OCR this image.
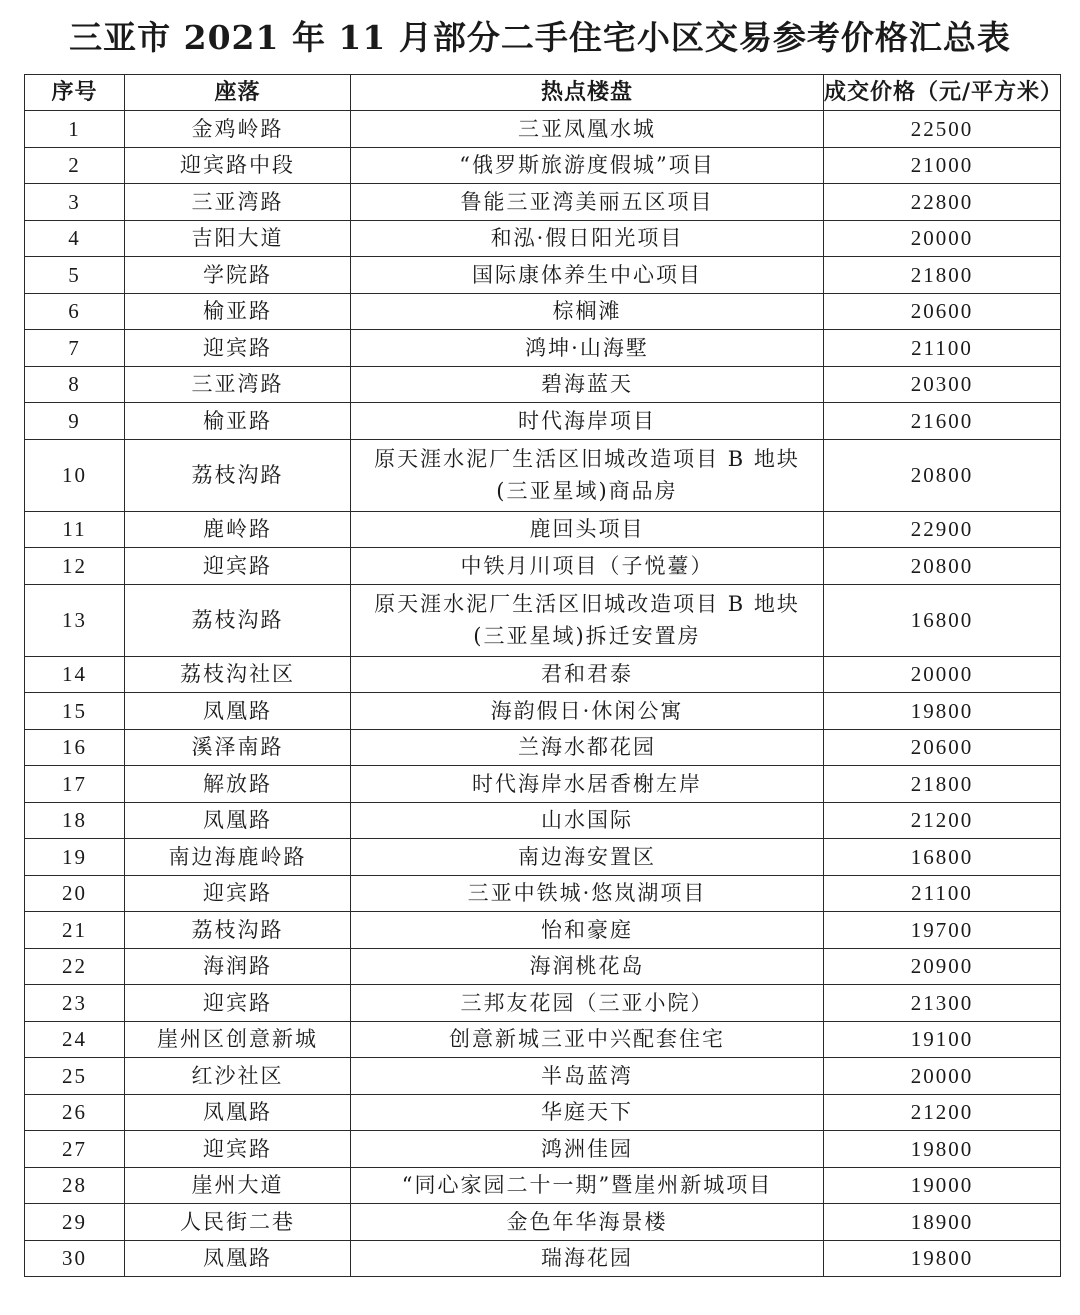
三亚市 2021 年 11 月部分二手住宅小区交易参考价格汇总表
序号	座落	热点楼盘	成交价格（元/平方米）
1	金鸡岭路	三亚凤凰水城	22500
2	迎宾路中段	“俄罗斯旅游度假城”项目	21000
3	三亚湾路	鲁能三亚湾美丽五区项目	22800
4	吉阳大道	和泓·假日阳光项目	20000
5	学院路	国际康体养生中心项目	21800
6	榆亚路	棕榈滩	20600
7	迎宾路	鸿坤·山海墅	21100
8	三亚湾路	碧海蓝天	20300
9	榆亚路	时代海岸项目	21600
10	荔枝沟路	原天涯水泥厂生活区旧城改造项目 B 地块
(三亚星域)商品房	20800
11	鹿岭路	鹿回头项目	22900
12	迎宾路	中铁月川项目（子悦薹）	20800
13	荔枝沟路	原天涯水泥厂生活区旧城改造项目 B 地块
(三亚星域)拆迁安置房	16800
14	荔枝沟社区	君和君泰	20000
15	凤凰路	海韵假日·休闲公寓	19800
16	溪泽南路	兰海水都花园	20600
17	解放路	时代海岸水居香榭左岸	21800
18	凤凰路	山水国际	21200
19	南边海鹿岭路	南边海安置区	16800
20	迎宾路	三亚中铁城·悠岚湖项目	21100
21	荔枝沟路	怡和豪庭	19700
22	海润路	海润桃花岛	20900
23	迎宾路	三邦友花园（三亚小院）	21300
24	崖州区创意新城	创意新城三亚中兴配套住宅	19100
25	红沙社区	半岛蓝湾	20000
26	凤凰路	华庭天下	21200
27	迎宾路	鸿洲佳园	19800
28	崖州大道	“同心家园二十一期”暨崖州新城项目	19000
29	人民街二巷	金色年华海景楼	18900
30	凤凰路	瑞海花园	19800
